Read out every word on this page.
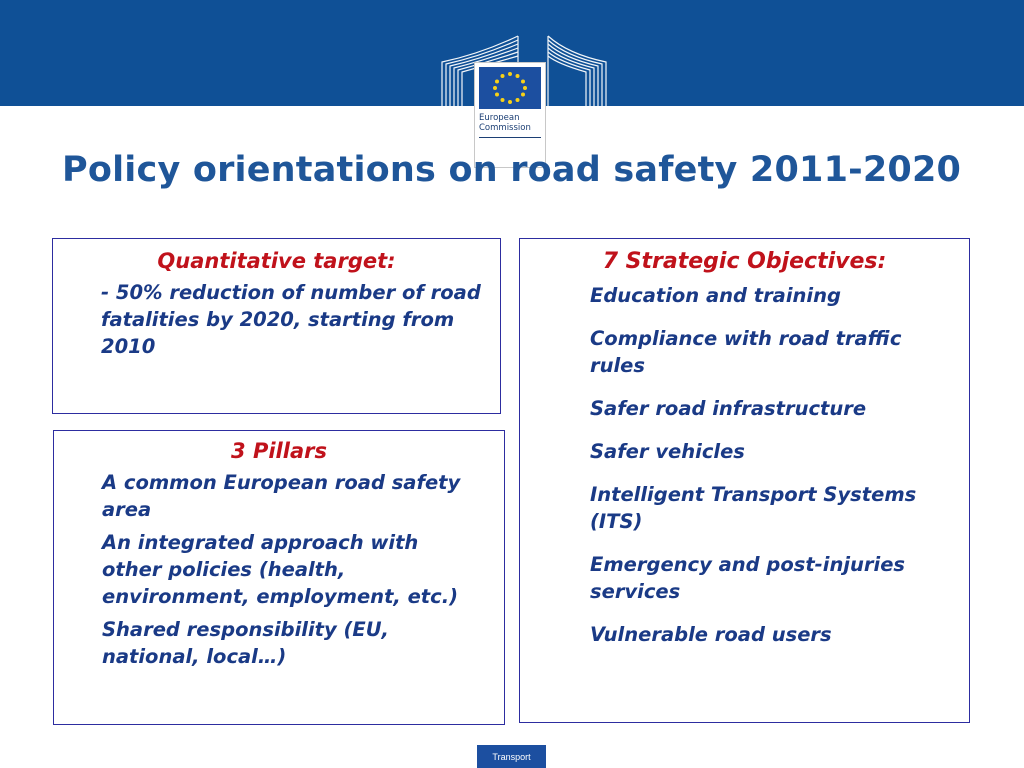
European
Commission
Policy orientations on road safety 2011-2020

Quantitative target:

- 50% reduction of number of road fatalities by 2020, starting from 2010

3 Pillars

A common European road safety area
An integrated approach with other policies (health, environment, employment, etc.)
Shared responsibility (EU, national, local…)

7 Strategic Objectives:

Education and training
Compliance with road traffic rules
Safer road infrastructure
Safer vehicles
Intelligent Transport Systems (ITS)
Emergency and post-injuries services
Vulnerable road users
Transport
